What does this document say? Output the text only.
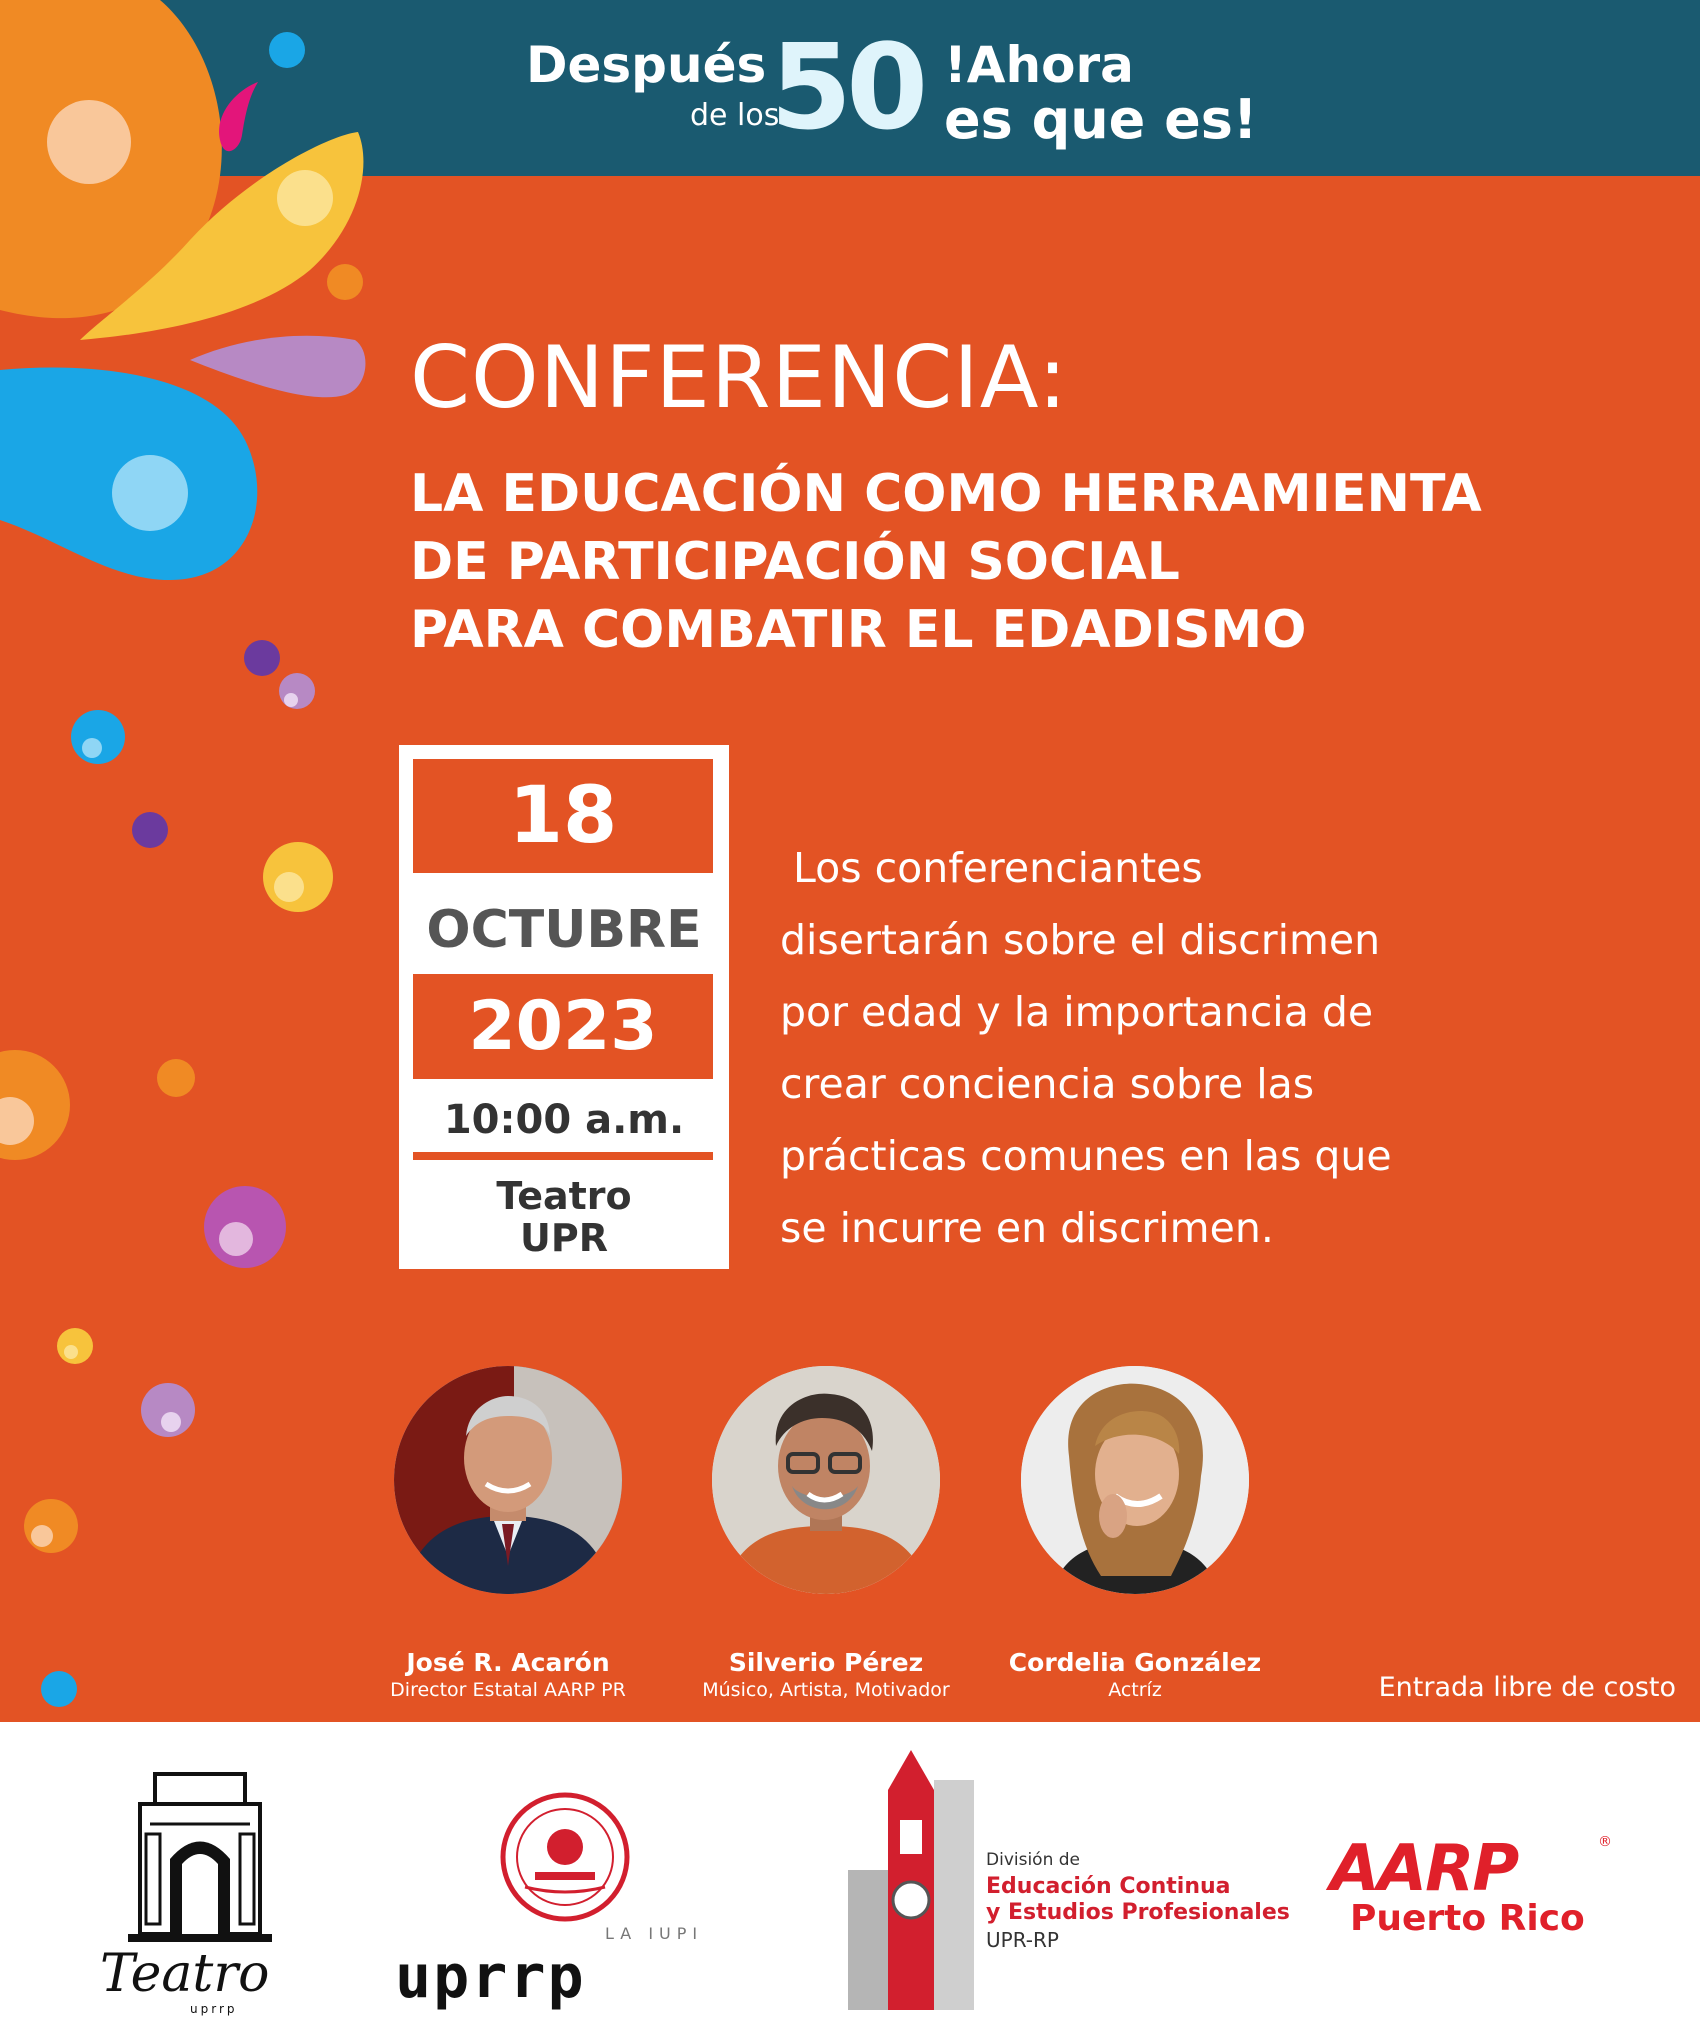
Después
de los
50 !Ahora
es que es!
CONFERENCIA:
LA EDUCACIÓN COMO HERRAMIENTA
DE PARTICIPACIÓN SOCIAL
PARA COMBATIR EL EDADISMO
18
OCTUBRE
2023
10:00 a.m.
Teatro
UPR
Los conferenciantes
disertarán sobre el discrimen
por edad y la importancia de
crear conciencia sobre las
prácticas comunes en las que
se incurre en discrimen.
José R. Acarón
Director Estatal AARP PR
Silverio Pérez
Músico, Artista, Motivador
Cordelia González
Actríz	Entrada libre de costo
Teatro
uprrp
LA IUPI
uprrp
División de
Educación Continua
y Estudios Profesionales
UPR-RP
AARP	®
Puerto Rico
